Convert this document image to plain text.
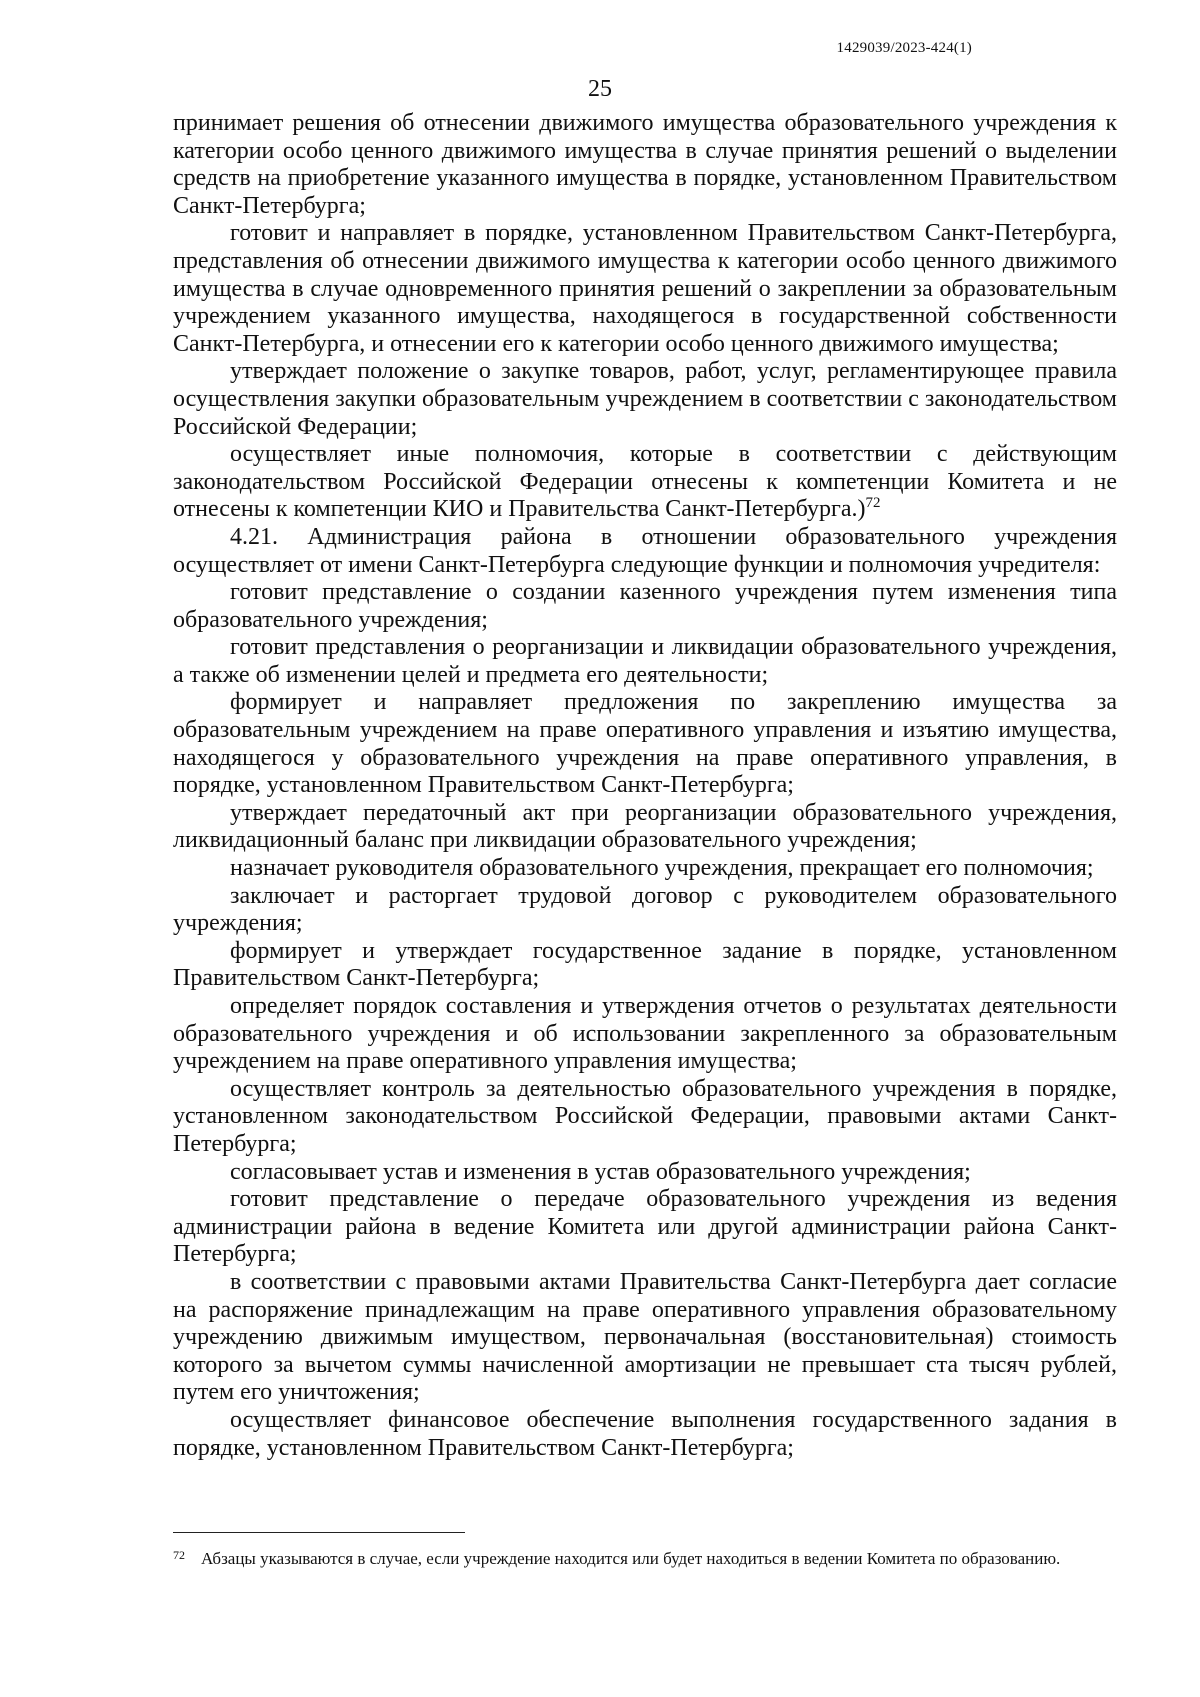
1429039/2023-424(1)
25

принимает решения об отнесении движимого имущества образовательного учреждения к категории особо ценного движимого имущества в случае принятия решений о выделении средств на приобретение указанного имущества в порядке, установленном Правительством Санкт-Петербурга;

готовит и направляет в порядке, установленном Правительством Санкт-Петербурга, представления об отнесении движимого имущества к категории особо ценного движимого имущества в случае одновременного принятия решений о закреплении за образовательным учреждением указанного имущества, находящегося в государственной собственности Санкт-Петербурга, и отнесении его к категории особо ценного движимого имущества;

утверждает положение о закупке товаров, работ, услуг, регламентирующее правила осуществления закупки образовательным учреждением в соответствии с законодательством Российской Федерации;

осуществляет иные полномочия, которые в соответствии с действующим законодательством Российской Федерации отнесены к компетенции Комитета и не отнесены к компетенции КИО и Правительства Санкт-Петербурга.)$^{72}$

4.21. Администрация района в отношении образовательного учреждения осуществляет от имени Санкт-Петербурга следующие функции и полномочия учредителя:

готовит представление о создании казенного учреждения путем изменения типа образовательного учреждения;

готовит представления о реорганизации и ликвидации образовательного учреждения, а также об изменении целей и предмета его деятельности;

формирует и направляет предложения по закреплению имущества за образовательным учреждением на праве оперативного управления и изъятию имущества, находящегося у образовательного учреждения на праве оперативного управления, в порядке, установленном Правительством Санкт-Петербурга;

утверждает передаточный акт при реорганизации образовательного учреждения, ликвидационный баланс при ликвидации образовательного учреждения;

назначает руководителя образовательного учреждения, прекращает его полномочия;

заключает и расторгает трудовой договор с руководителем образовательного учреждения;

формирует и утверждает государственное задание в порядке, установленном Правительством Санкт-Петербурга;

определяет порядок составления и утверждения отчетов о результатах деятельности образовательного учреждения и об использовании закрепленного за образовательным учреждением на праве оперативного управления имущества;

осуществляет контроль за деятельностью образовательного учреждения в порядке, установленном законодательством Российской Федерации, правовыми актами Санкт-Петербурга;

согласовывает устав и изменения в устав образовательного учреждения;

готовит представление о передаче образовательного учреждения из ведения администрации района в ведение Комитета или другой администрации района Санкт-Петербурга;

в соответствии с правовыми актами Правительства Санкт-Петербурга дает согласие на распоряжение принадлежащим на праве оперативного управления образовательному учреждению движимым имуществом, первоначальная (восстановительная) стоимость которого за вычетом суммы начисленной амортизации не превышает ста тысяч рублей, путем его уничтожения;

осуществляет финансовое обеспечение выполнения государственного задания в порядке, установленном Правительством Санкт-Петербурга;

72 Абзацы указываются в случае, если учреждение находится или будет находиться в ведении Комитета по образованию.
